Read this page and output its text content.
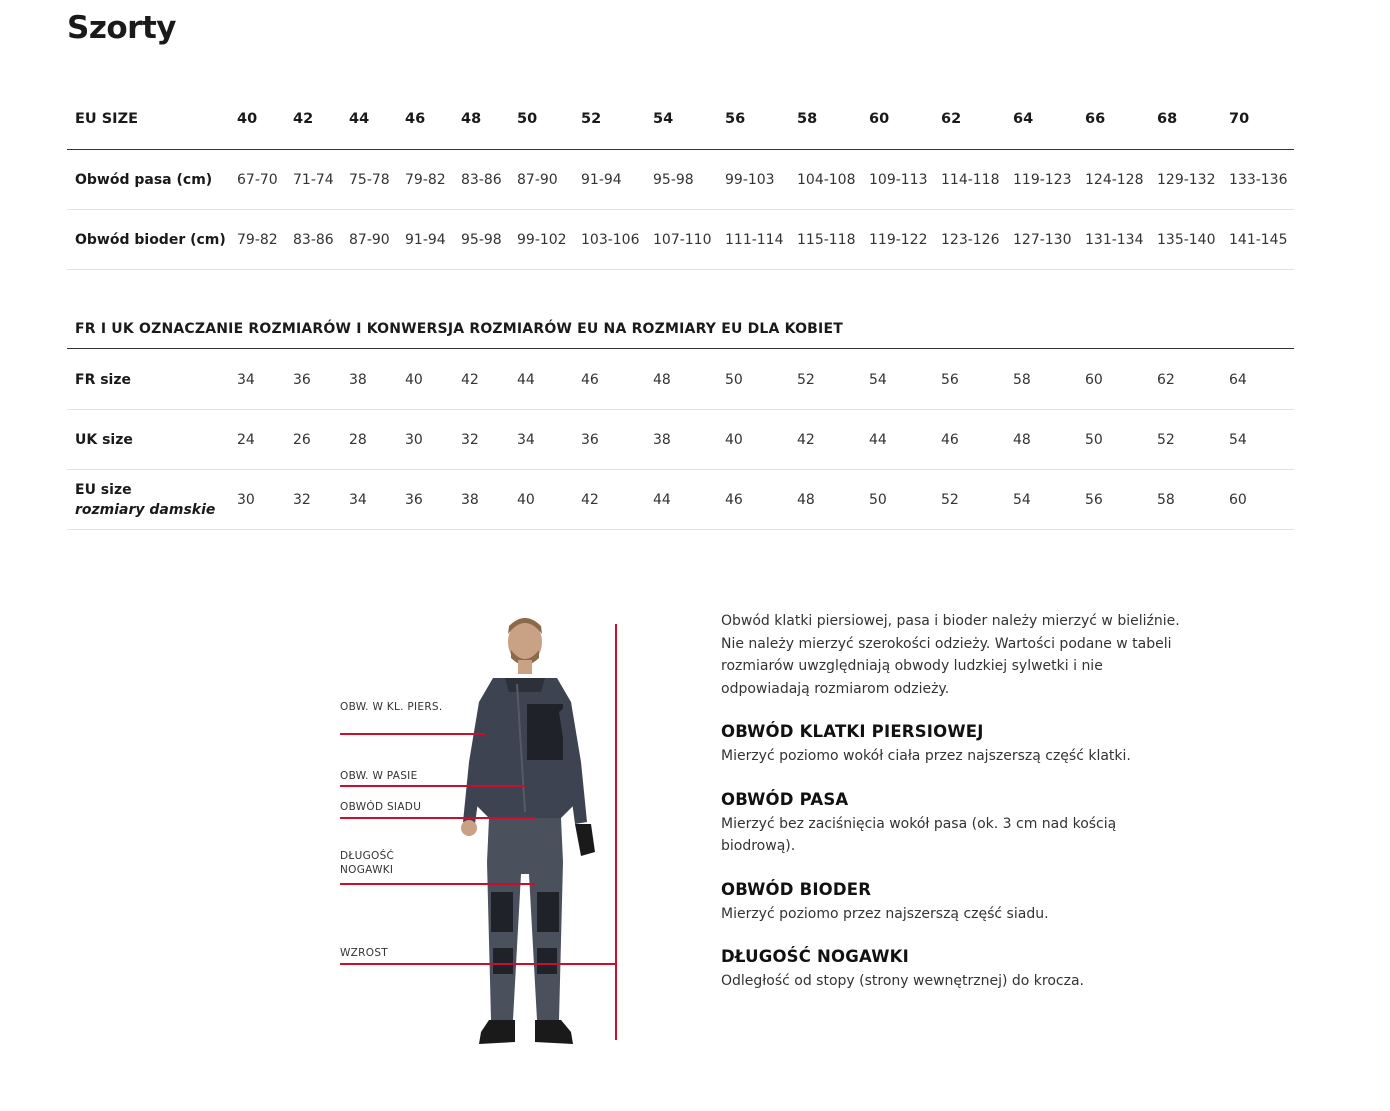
Szorty
EU SIZE	40	42	44	46	48	50	52	54	56	58	60	62	64	66	68	70
Obwód pasa (cm)	67-70	71-74	75-78	79-82	83-86	87-90	91-94	95-98	99-103	104-108	109-113	114-118	119-123	124-128	129-132	133-136
Obwód bioder (cm)	79-82	83-86	87-90	91-94	95-98	99-102	103-106	107-110	111-114	115-118	119-122	123-126	127-130	131-134	135-140	141-145
FR I UK OZNACZANIE ROZMIARÓW I KONWERSJA ROZMIARÓW EU NA ROZMIARY EU DLA KOBIET
FR size	34	36	38	40	42	44	46	48	50	52	54	56	58	60	62	64
UK size	24	26	28	30	32	34	36	38	40	42	44	46	48	50	52	54
EU size
rozmiary damskie	30	32	34	36	38	40	42	44	46	48	50	52	54	56	58	60
OBW. W KL. PIERS.
OBW. W PASIE
OBWÓD SIADU
DŁUGOŚĆ
NOGAWKI
WZROST

Obwód klatki piersiowej, pasa i bioder należy mierzyć w bieliźnie. Nie należy mierzyć szerokości odzieży. Wartości podane w tabeli rozmiarów uwzględniają obwody ludzkiej sylwetki i nie odpowiadają rozmiarom odzieży.

OBWÓD KLATKI PIERSIOWEJ

Mierzyć poziomo wokół ciała przez najszerszą część klatki.

OBWÓD PASA

Mierzyć bez zaciśnięcia wokół pasa (ok. 3 cm nad kością biodrową).

OBWÓD BIODER

Mierzyć poziomo przez najszerszą część siadu.

DŁUGOŚĆ NOGAWKI

Odległość od stopy (strony wewnętrznej) do krocza.
